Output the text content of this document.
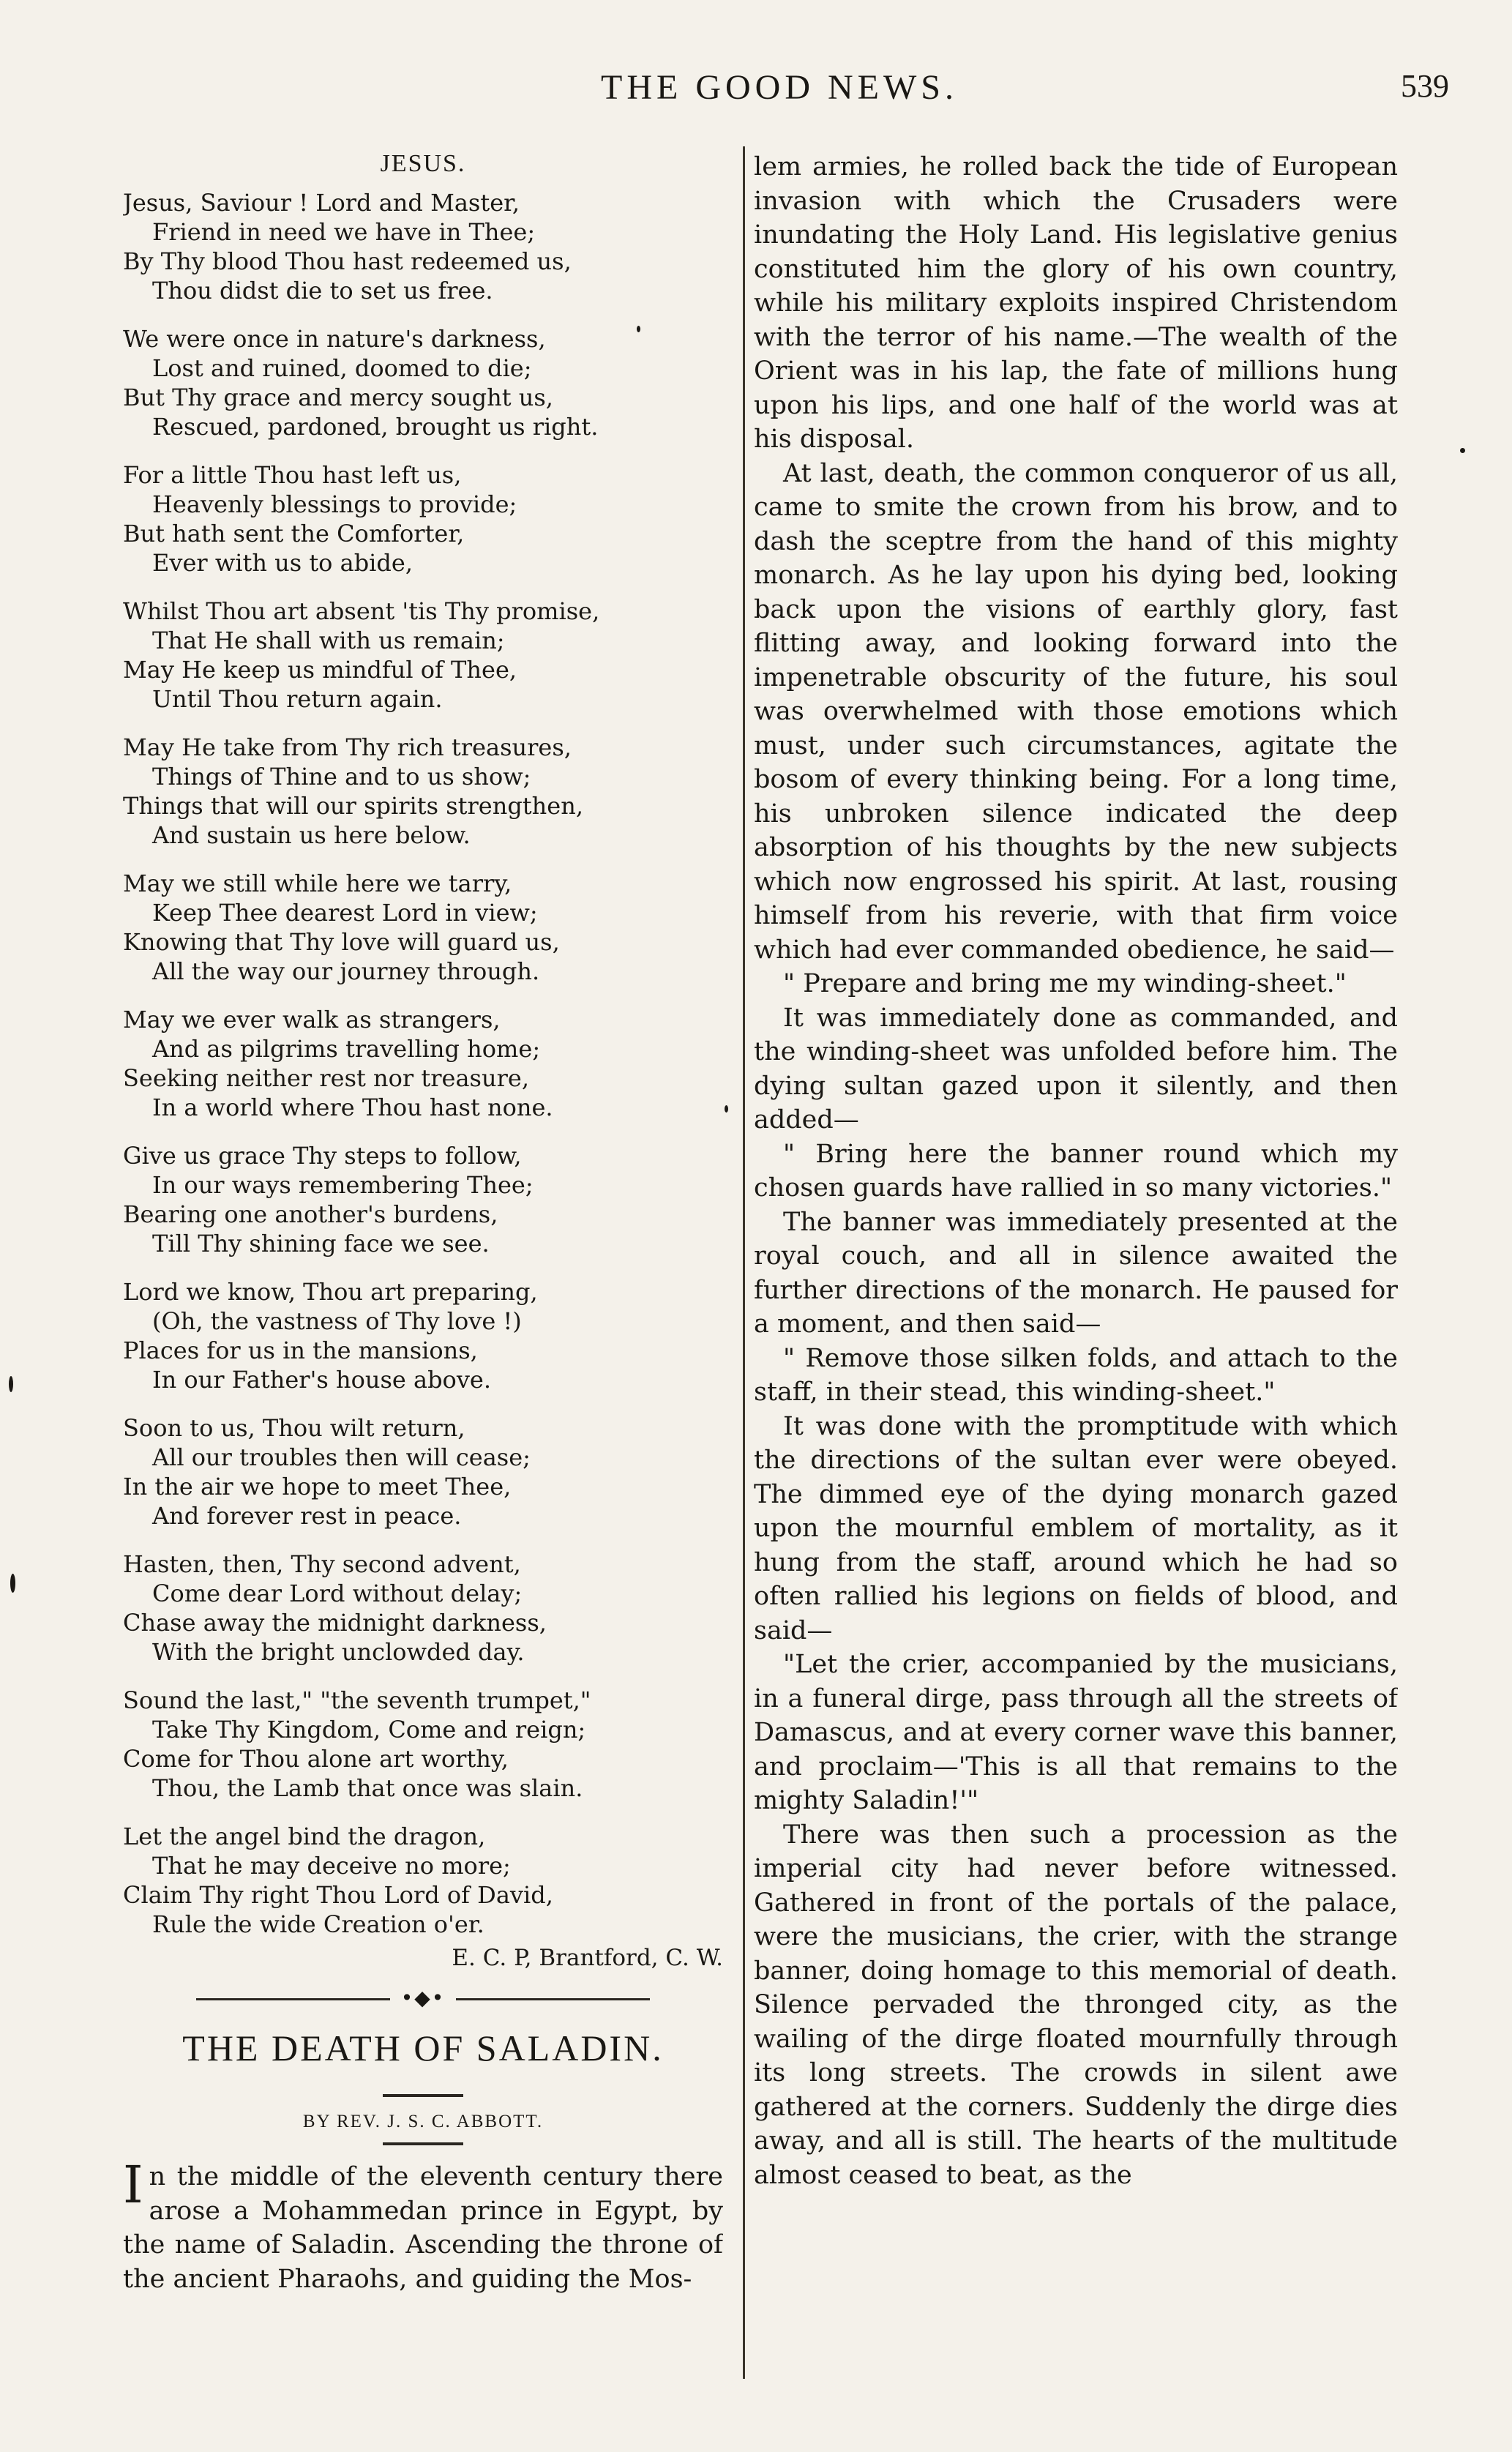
THE GOOD NEWS.	539
JESUS.
Jesus, Saviour ! Lord and Master,
Friend in need we have in Thee;
By Thy blood Thou hast redeemed us,
Thou didst die to set us free.
We were once in nature's darkness,
Lost and ruined, doomed to die;
But Thy grace and mercy sought us,
Rescued, pardoned, brought us right.
For a little Thou hast left us,
Heavenly blessings to provide;
But hath sent the Comforter,
Ever with us to abide,
Whilst Thou art absent 'tis Thy promise,
That He shall with us remain;
May He keep us mindful of Thee,
Until Thou return again.
May He take from Thy rich treasures,
Things of Thine and to us show;
Things that will our spirits strengthen,
And sustain us here below.
May we still while here we tarry,
Keep Thee dearest Lord in view;
Knowing that Thy love will guard us,
All the way our journey through.
May we ever walk as strangers,
And as pilgrims travelling home;
Seeking neither rest nor treasure,
In a world where Thou hast none.
Give us grace Thy steps to follow,
In our ways remembering Thee;
Bearing one another's burdens,
Till Thy shining face we see.
Lord we know, Thou art preparing,
(Oh, the vastness of Thy love !)
Places for us in the mansions,
In our Father's house above.
Soon to us, Thou wilt return,
All our troubles then will cease;
In the air we hope to meet Thee,
And forever rest in peace.
Hasten, then, Thy second advent,
Come dear Lord without delay;
Chase away the midnight darkness,
With the bright unclowded day.
Sound the last," "the seventh trumpet,"
Take Thy Kingdom, Come and reign;
Come for Thou alone art worthy,
Thou, the Lamb that once was slain.
Let the angel bind the dragon,
That he may deceive no more;
Claim Thy right Thou Lord of David,
Rule the wide Creation o'er.
E. C. P, Brantford, C. W.
•◆•
THE DEATH OF SALADIN.
BY REV. J. S. C. ABBOTT.

In the middle of the eleventh century there arose a Mohammedan prince in Egypt, by the name of Saladin. Ascending the throne of the ancient Pharaohs, and guiding the Mos-

lem armies, he rolled back the tide of European invasion with which the Crusaders were inundating the Holy Land. His legislative genius constituted him the glory of his own country, while his military exploits inspired Christendom with the terror of his name.—The wealth of the Orient was in his lap, the fate of millions hung upon his lips, and one half of the world was at his disposal.

At last, death, the common conqueror of us all, came to smite the crown from his brow, and to dash the sceptre from the hand of this mighty monarch. As he lay upon his dying bed, looking back upon the visions of earthly glory, fast flitting away, and looking forward into the impenetrable obscurity of the future, his soul was overwhelmed with those emotions which must, under such circumstances, agitate the bosom of every thinking being. For a long time, his unbroken silence indicated the deep absorption of his thoughts by the new subjects which now engrossed his spirit. At last, rousing himself from his reverie, with that firm voice which had ever commanded obedience, he said—

" Prepare and bring me my winding-sheet."

It was immediately done as commanded, and the winding-sheet was unfolded before him. The dying sultan gazed upon it silently, and then added—

" Bring here the banner round which my chosen guards have rallied in so many victories."

The banner was immediately presented at the royal couch, and all in silence awaited the further directions of the monarch. He paused for a moment, and then said—

" Remove those silken folds, and attach to the staff, in their stead, this winding-sheet."

It was done with the promptitude with which the directions of the sultan ever were obeyed. The dimmed eye of the dying monarch gazed upon the mournful emblem of mortality, as it hung from the staff, around which he had so often rallied his legions on fields of blood, and said—

"Let the crier, accompanied by the musicians, in a funeral dirge, pass through all the streets of Damascus, and at every corner wave this banner, and proclaim—'This is all that remains to the mighty Saladin!'"

There was then such a procession as the imperial city had never before witnessed. Gathered in front of the portals of the palace, were the musicians, the crier, with the strange banner, doing homage to this memorial of death. Silence pervaded the thronged city, as the wailing of the dirge floated mournfully through its long streets. The crowds in silent awe gathered at the corners. Suddenly the dirge dies away, and all is still. The hearts of the multitude almost ceased to beat, as the
